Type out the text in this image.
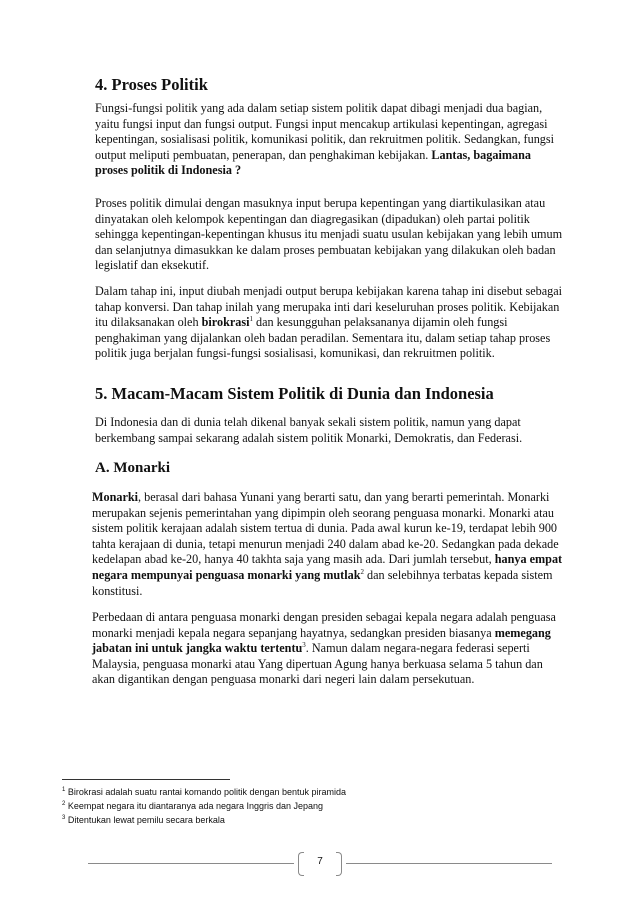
4. Proses Politik

Fungsi-fungsi politik yang ada dalam setiap sistem politik dapat dibagi menjadi dua bagian, yaitu fungsi input dan fungsi output. Fungsi input mencakup artikulasi kepentingan, agregasi kepentingan, sosialisasi politik, komunikasi politik, dan rekruitmen politik. Sedangkan, fungsi output meliputi pembuatan, penerapan, dan penghakiman kebijakan. Lantas, bagaimana proses politik di Indonesia ?

Proses politik dimulai dengan masuknya input berupa kepentingan yang diartikulasikan atau dinyatakan oleh kelompok kepentingan dan diagregasikan (dipadukan) oleh partai politik sehingga kepentingan-kepentingan khusus itu menjadi suatu usulan kebijakan yang lebih umum dan selanjutnya dimasukkan ke dalam proses pembuatan kebijakan yang dilakukan oleh badan legislatif dan eksekutif.

Dalam tahap ini, input diubah menjadi output berupa kebijakan karena tahap ini disebut sebagai tahap konversi. Dan tahap inilah yang merupaka inti dari keseluruhan proses politik. Kebijakan itu dilaksanakan oleh birokrasi$^1$ dan kesungguhan pelaksananya dijamin oleh fungsi penghakiman yang dijalankan oleh badan peradilan. Sementara itu, dalam setiap tahap proses politik juga berjalan fungsi-fungsi sosialisasi, komunikasi, dan rekruitmen politik.

5. Macam-Macam Sistem Politik di Dunia dan Indonesia

Di Indonesia dan di dunia telah dikenal banyak sekali sistem politik, namun yang dapat berkembang sampai sekarang adalah sistem politik Monarki, Demokratis, dan Federasi.

A. Monarki

Monarki, berasal dari bahasa Yunani yang berarti satu, dan yang berarti pemerintah. Monarki merupakan sejenis pemerintahan yang dipimpin oleh seorang penguasa monarki. Monarki atau sistem politik kerajaan adalah sistem tertua di dunia. Pada awal kurun ke-19, terdapat lebih 900 tahta kerajaan di dunia, tetapi menurun menjadi 240 dalam abad ke-20. Sedangkan pada dekade kedelapan abad ke-20, hanya 40 takhta saja yang masih ada. Dari jumlah tersebut, hanya empat negara mempunyai penguasa monarki yang mutlak$^2$ dan selebihnya terbatas kepada sistem konstitusi.

Perbedaan di antara penguasa monarki dengan presiden sebagai kepala negara adalah penguasa monarki menjadi kepala negara sepanjang hayatnya, sedangkan presiden biasanya memegang jabatan ini untuk jangka waktu tertentu$^3$. Namun dalam negara-negara federasi seperti Malaysia, penguasa monarki atau Yang dipertuan Agung hanya berkuasa selama 5 tahun dan akan digantikan dengan penguasa monarki dari negeri lain dalam persekutuan.

$^1$ Birokrasi adalah suatu rantai komando politik dengan bentuk piramida
$^2$ Keempat negara itu diantaranya ada negara Inggris dan Jepang
$^3$ Ditentukan lewat pemilu secara berkala
7
